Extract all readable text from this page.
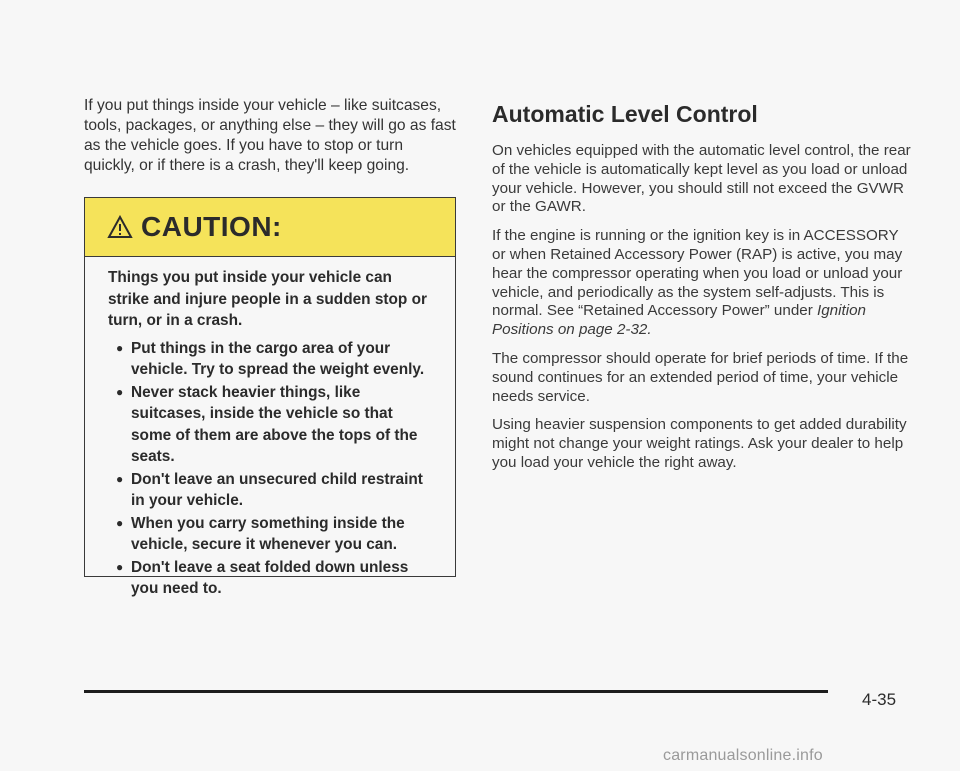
If you put things inside your vehicle – like suitcases, tools, packages, or anything else – they will go as fast as the vehicle goes. If you have to stop or turn quickly, or if there is a crash, they'll keep going.

CAUTION:

Things you put inside your vehicle can strike and injure people in a sudden stop or turn, or in a crash.

● Put things in the cargo area of your vehicle. Try to spread the weight evenly.
● Never stack heavier things, like suitcases, inside the vehicle so that some of them are above the tops of the seats.
● Don't leave an unsecured child restraint in your vehicle.
● When you carry something inside the vehicle, secure it whenever you can.
● Don't leave a seat folded down unless you need to.
Automatic Level Control

On vehicles equipped with the automatic level control, the rear of the vehicle is automatically kept level as you load or unload your vehicle. However, you should still not exceed the GVWR or the GAWR.

If the engine is running or the ignition key is in ACCESSORY or when Retained Accessory Power (RAP) is active, you may hear the compressor operating when you load or unload your vehicle, and periodically as the system self-adjusts. This is normal. See “Retained Accessory Power” under Ignition Positions on page 2-32.

The compressor should operate for brief periods of time. If the sound continues for an extended period of time, your vehicle needs service.

Using heavier suspension components to get added durability might not change your weight ratings. Ask your dealer to help you load your vehicle the right away.

4-35
carmanualsonline.info
